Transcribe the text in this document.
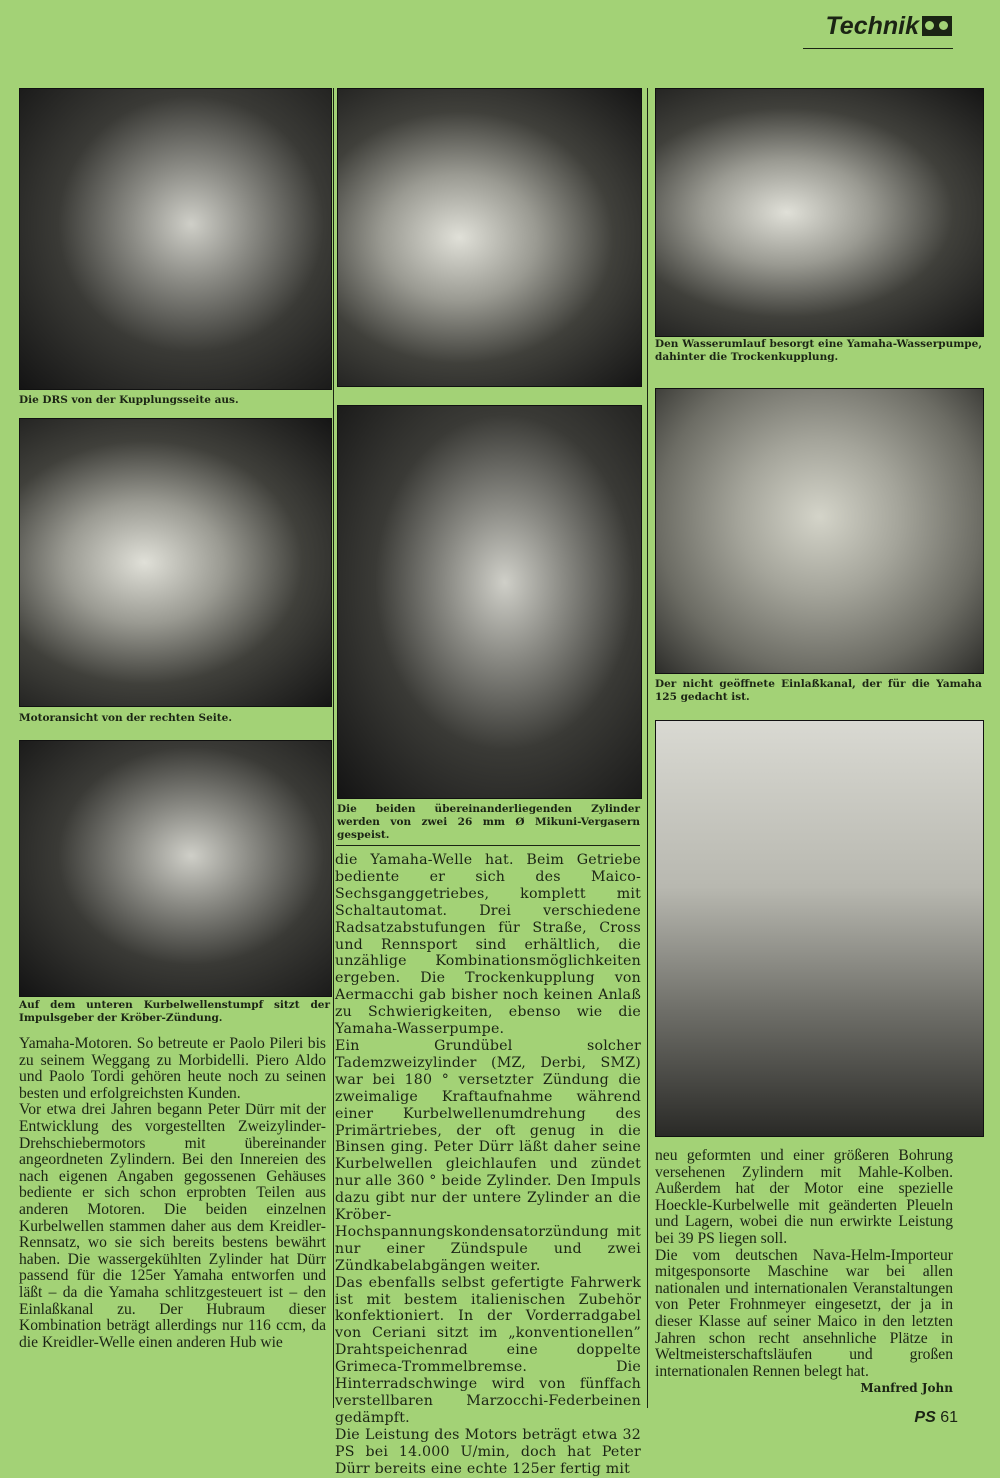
Technik
Die DRS von der Kupplungsseite aus.
Motoransicht von der rechten Seite.
Auf dem unteren Kurbelwellenstumpf sitzt der Impulsgeber der Kröber-Zündung.
Die beiden übereinanderliegenden Zylinder werden von zwei 26 mm Ø Mikuni-Vergasern gespeist.
Den Wasserumlauf besorgt eine Yamaha-Wasserpumpe, dahinter die Trockenkupplung.
Der nicht geöffnete Einlaßkanal, der für die Yamaha 125 gedacht ist.

Yamaha-Motoren. So betreute er Paolo Pileri bis zu seinem Weggang zu Morbidelli. Piero Aldo und Paolo Tordi gehören heute noch zu seinen besten und erfolgreichsten Kunden.

Vor etwa drei Jahren begann Peter Dürr mit der Entwicklung des vorgestellten Zweizylinder-Drehschiebermotors mit übereinander angeordneten Zylindern. Bei den Innereien des nach eigenen Angaben gegossenen Gehäuses bediente er sich schon erprobten Teilen aus anderen Motoren. Die beiden einzelnen Kurbelwellen stammen daher aus dem Kreidler-Rennsatz, wo sie sich bereits bestens bewährt haben. Die wassergekühlten Zylinder hat Dürr passend für die 125er Yamaha entworfen und läßt – da die Yamaha schlitzgesteuert ist – den Einlaßkanal zu. Der Hubraum dieser Kombination beträgt allerdings nur 116 ccm, da die Kreidler-Welle einen anderen Hub wie

die Yamaha-Welle hat. Beim Getriebe bediente er sich des Maico-Sechsganggetriebes, komplett mit Schaltautomat. Drei verschiedene Radsatzabstufungen für Straße, Cross und Rennsport sind erhältlich, die unzählige Kombinationsmöglichkeiten ergeben. Die Trockenkupplung von Aermacchi gab bisher noch keinen Anlaß zu Schwierigkeiten, ebenso wie die Yamaha-Wasserpumpe.

Ein Grundübel solcher Tademzweizylinder (MZ, Derbi, SMZ) war bei 180 ° versetzter Zündung die zweimalige Kraftaufnahme während einer Kurbelwellenumdrehung des Primärtriebes, der oft genug in die Binsen ging. Peter Dürr läßt daher seine Kurbelwellen gleichlaufen und zündet nur alle 360 ° beide Zylinder. Den Impuls dazu gibt nur der untere Zylinder an die Kröber-Hochspannungskondensatorzündung mit nur einer Zündspule und zwei Zündkabelabgängen weiter.

Das ebenfalls selbst gefertigte Fahrwerk ist mit bestem italienischen Zubehör konfektioniert. In der Vorderradgabel von Ceriani sitzt im „konventionellen” Drahtspeichenrad eine doppelte Grimeca-Trommelbremse. Die Hinterradschwinge wird von fünffach verstellbaren Marzocchi-Federbeinen gedämpft.

Die Leistung des Motors beträgt etwa 32 PS bei 14.000 U/min, doch hat Peter Dürr bereits eine echte 125er fertig mit

neu geformten und einer größeren Bohrung versehenen Zylindern mit Mahle-Kolben. Außerdem hat der Motor eine spezielle Hoeckle-Kurbelwelle mit geänderten Pleueln und Lagern, wobei die nun erwirkte Leistung bei 39 PS liegen soll.

Die vom deutschen Nava-Helm-Importeur mitgesponsorte Maschine war bei allen nationalen und internationalen Veranstaltungen von Peter Frohnmeyer eingesetzt, der ja in dieser Klasse auf seiner Maico in den letzten Jahren schon recht ansehnliche Plätze in Weltmeisterschaftsläufen und großen internationalen Rennen belegt hat.
Manfred John

PS 61
